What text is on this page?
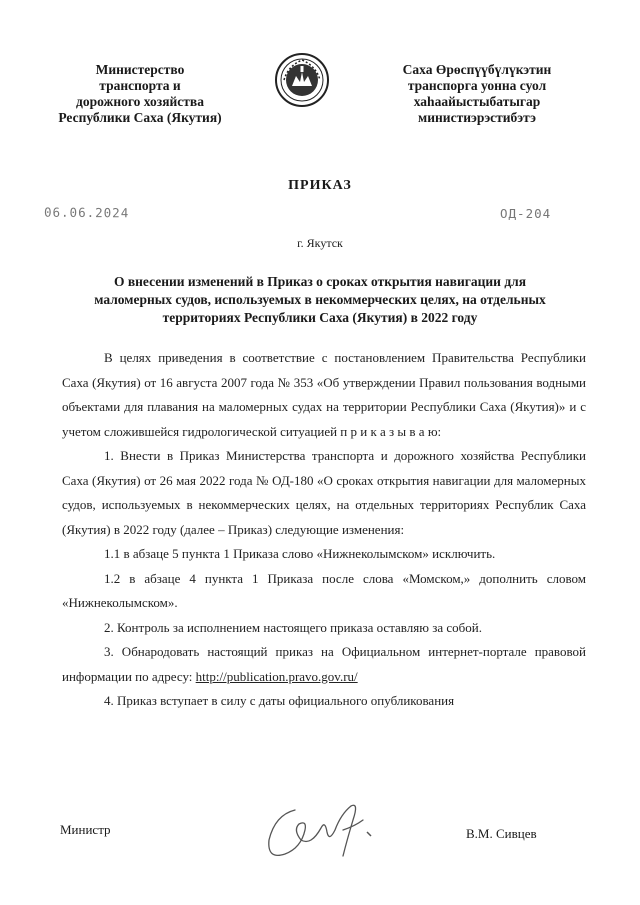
Министерство
транспорта и
дорожного хозяйства
Республики Саха (Якутия)
Саха Өрөспүүбүлүкэтин
транспорга уонна суол
хаһаайыстыбатыгар
министиэрэстибэтэ
ПРИКАЗ
06.06.2024	ОД-204
г. Якутск
О внесении изменений в Приказ о сроках открытия навигации для
маломерных судов, используемых в некоммерческих целях, на отдельных
территориях Республики Саха (Якутия) в 2022 году

В целях приведения в соответствие с постановлением Правительства Республики Саха (Якутия) от 16 августа 2007 года № 353 «Об утверждении Правил пользования водными объектами для плавания на маломерных судах на территории Республики Саха (Якутия)» и с учетом сложившейся гидрологической ситуацией п р и к а з ы в а ю:

1. Внести в Приказ Министерства транспорта и дорожного хозяйства Республики Саха (Якутия) от 26 мая 2022 года № ОД-180 «О сроках открытия навигации для маломерных судов, используемых в некоммерческих целях, на отдельных территориях Республик Саха (Якутия) в 2022 году (далее – Приказ) следующие изменения:

1.1 в абзаце 5 пункта 1 Приказа слово «Нижнеколымском» исключить.

1.2 в абзаце 4 пункта 1 Приказа после слова «Момском,» дополнить словом «Нижнеколымском».

2. Контроль за исполнением настоящего приказа оставляю за собой.

3. Обнародовать настоящий приказ на Официальном интернет-портале правовой информации по адресу: http://publication.pravo.gov.ru/

4. Приказ вступает в силу с даты официального опубликования

Министр	В.М. Сивцев
